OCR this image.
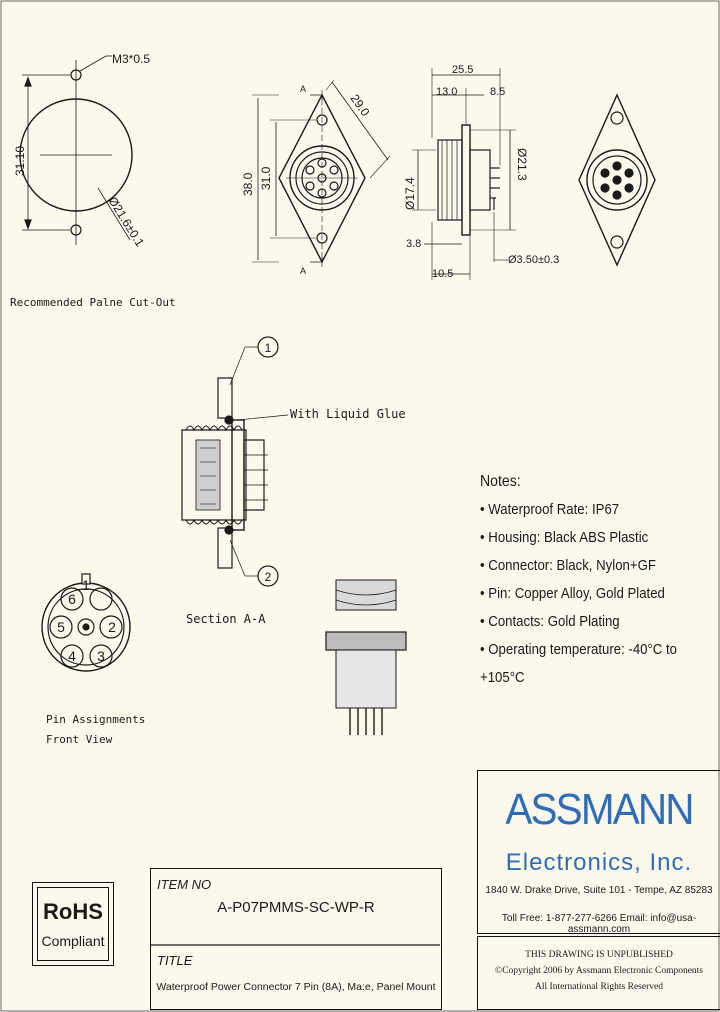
31.10
Ø21.6±0.1
38.0 31.0
29.0
Ø17.4
Ø21.3
1
2
3
4
5
6
1
2
M3*0.5
Recommended Palne Cut-Out
A
A
25.5
13.0	8.5
3.8
10.5
Ø3.50±0.3
With Liquid Glue
Section A-A
Pin Assignments
Front View
Notes:
• Waterproof Rate: IP67
• Housing: Black ABS Plastic
• Connector: Black, Nylon+GF
• Pin: Copper Alloy, Gold Plated
• Contacts: Gold Plating
• Operating temperature: -40°C to +105°C
RoHS
Compliant
ITEM NO
A-P07PMMS-SC-WP-R
TITLE
Waterproof Power Connector 7 Pin (8A), Ma:e, Panel Mount
ASSMANN
Electronics, Inc.
1840 W. Drake Drive, Suite 101 - Tempe, AZ 85283
Toll Free: 1-877-277-6266 Email: info@usa-assmann.com
THIS DRAWING IS UNPUBLISHED
©Copyright 2006 by Assmann Electronic Components
All International Rights Reserved
